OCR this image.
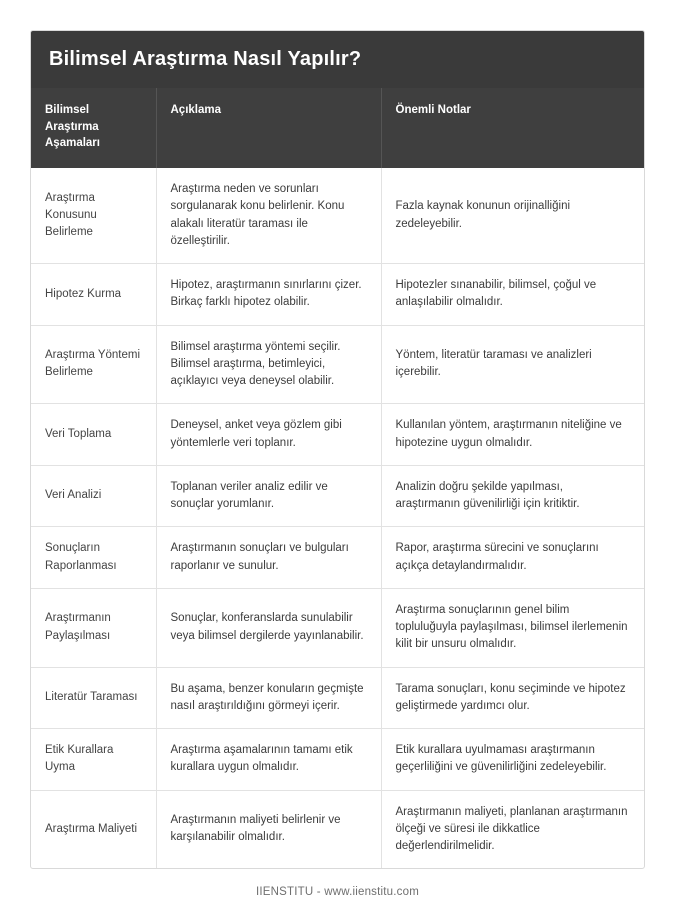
Bilimsel Araştırma Nasıl Yapılır?
Bilimsel Araştırma Aşamaları	Açıklama	Önemli Notlar
Araştırma Konusunu Belirleme	Araştırma neden ve sorunları sorgulanarak konu belirlenir. Konu alakalı literatür taraması ile özelleştirilir.	Fazla kaynak konunun orijinalliğini zedeleyebilir.
Hipotez Kurma	Hipotez, araştırmanın sınırlarını çizer. Birkaç farklı hipotez olabilir.	Hipotezler sınanabilir, bilimsel, çoğul ve anlaşılabilir olmalıdır.
Araştırma Yöntemi Belirleme	Bilimsel araştırma yöntemi seçilir. Bilimsel araştırma, betimleyici, açıklayıcı veya deneysel olabilir.	Yöntem, literatür taraması ve analizleri içerebilir.
Veri Toplama	Deneysel, anket veya gözlem gibi yöntemlerle veri toplanır.	Kullanılan yöntem, araştırmanın niteliğine ve hipotezine uygun olmalıdır.
Veri Analizi	Toplanan veriler analiz edilir ve sonuçlar yorumlanır.	Analizin doğru şekilde yapılması, araştırmanın güvenilirliği için kritiktir.
Sonuçların Raporlanması	Araştırmanın sonuçları ve bulguları raporlanır ve sunulur.	Rapor, araştırma sürecini ve sonuçlarını açıkça detaylandırmalıdır.
Araştırmanın Paylaşılması	Sonuçlar, konferanslarda sunulabilir veya bilimsel dergilerde yayınlanabilir.	Araştırma sonuçlarının genel bilim topluluğuyla paylaşılması, bilimsel ilerlemenin kilit bir unsuru olmalıdır.
Literatür Taraması	Bu aşama, benzer konuların geçmişte nasıl araştırıldığını görmeyi içerir.	Tarama sonuçları, konu seçiminde ve hipotez geliştirmede yardımcı olur.
Etik Kurallara Uyma	Araştırma aşamalarının tamamı etik kurallara uygun olmalıdır.	Etik kurallara uyulmaması araştırmanın geçerliliğini ve güvenilirliğini zedeleyebilir.
Araştırma Maliyeti	Araştırmanın maliyeti belirlenir ve karşılanabilir olmalıdır.	Araştırmanın maliyeti, planlanan araştırmanın ölçeği ve süresi ile dikkatlice değerlendirilmelidir.
IIENSTITU - www.iienstitu.com
